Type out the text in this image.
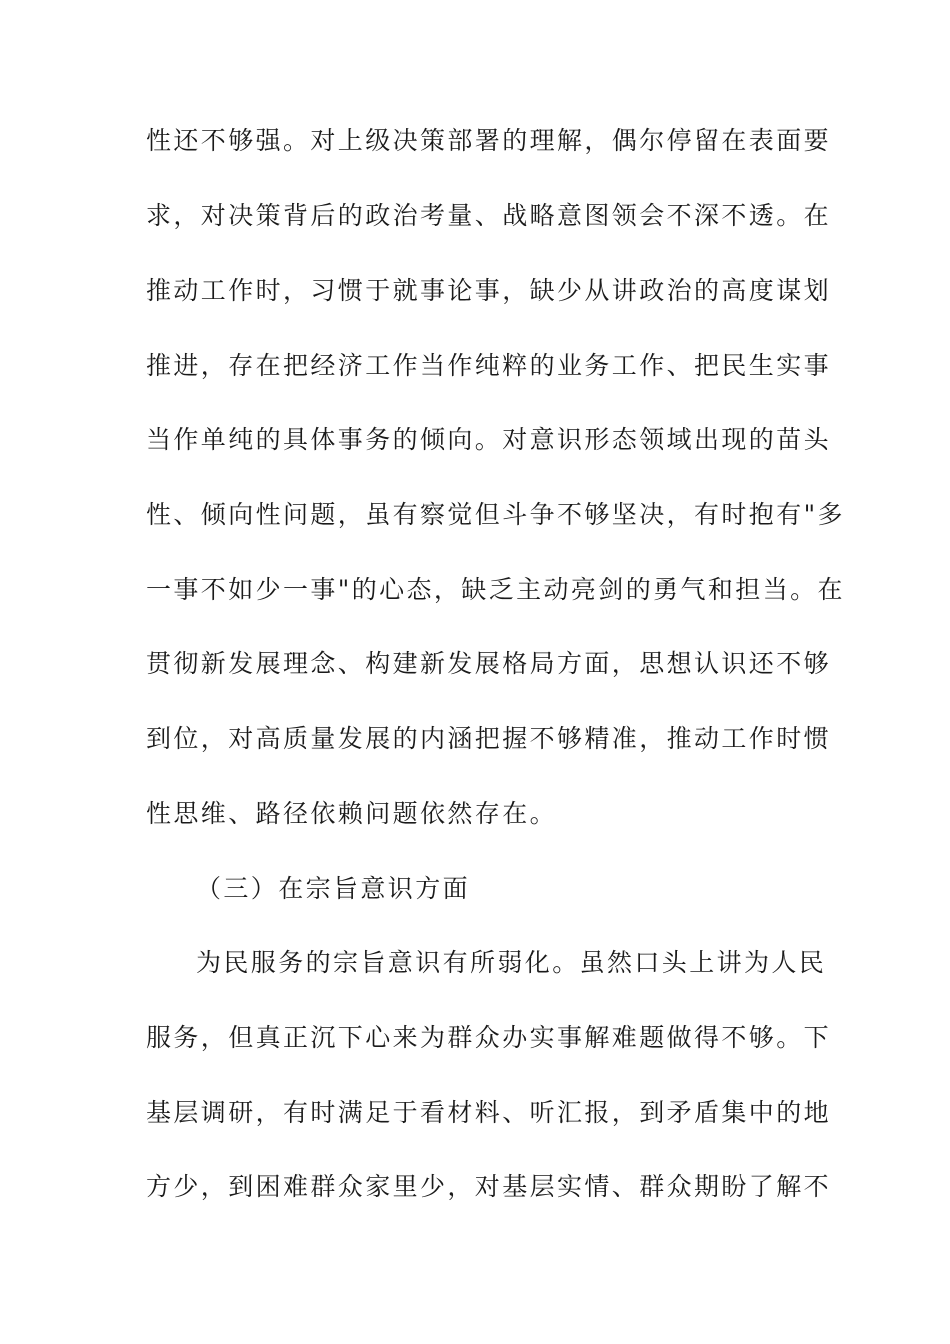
性还不够强。对上级决策部署的理解，偶尔停留在表面要
求，对决策背后的政治考量、战略意图领会不深不透。在
推动工作时，习惯于就事论事，缺少从讲政治的高度谋划
推进，存在把经济工作当作纯粹的业务工作、把民生实事
当作单纯的具体事务的倾向。对意识形态领域出现的苗头
性、倾向性问题，虽有察觉但斗争不够坚决，有时抱有"多
一事不如少一事"的心态，缺乏主动亮剑的勇气和担当。在
贯彻新发展理念、构建新发展格局方面，思想认识还不够
到位，对高质量发展的内涵把握不够精准，推动工作时惯
性思维、路径依赖问题依然存在。
（三）在宗旨意识方面
为民服务的宗旨意识有所弱化。虽然口头上讲为人民
服务，但真正沉下心来为群众办实事解难题做得不够。下
基层调研，有时满足于看材料、听汇报，到矛盾集中的地
方少，到困难群众家里少，对基层实情、群众期盼了解不
